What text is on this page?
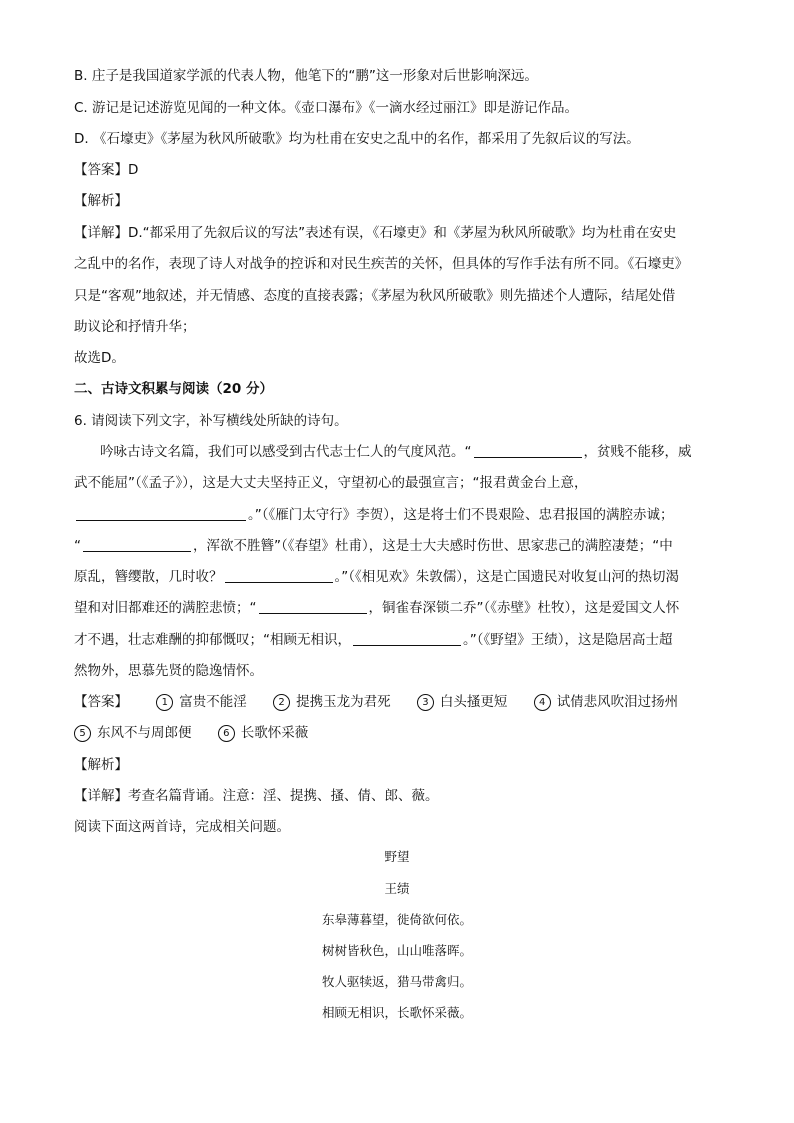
B. 庄子是我国道家学派的代表人物，他笔下的“鹏”这一形象对后世影响深远。
C. 游记是记述游览见闻的一种文体。《壶口瀑布》《一滴水经过丽江》即是游记作品。
D. 《石壕吏》《茅屋为秋风所破歌》均为杜甫在安史之乱中的名作，都采用了先叙后议的写法。
【答案】D
【解析】
【详解】D.“都采用了先叙后议的写法”表述有误，《石壕吏》和《茅屋为秋风所破歌》均为杜甫在安史
之乱中的名作，表现了诗人对战争的控诉和对民生疾苦的关怀，但具体的写作手法有所不同。《石壕吏》
只是“客观”地叙述，并无情感、态度的直接表露；《茅屋为秋风所破歌》则先描述个人遭际，结尾处借
助议论和抒情升华；
故选D。
二、古诗文积累与阅读（20 分）
6. 请阅读下列文字，补写横线处所缺的诗句。
吟咏古诗文名篇，我们可以感受到古代志士仁人的气度风范。“	，贫贱不能移，威
武不能屈”（《孟子》），这是大丈夫坚持正义，守望初心的最强宣言；“报君黄金台上意，
。”（《雁门太守行》李贺），这是将士们不畏艰险、忠君报国的满腔赤诚；
“	，浑欲不胜簪”（《春望》杜甫），这是士大夫感时伤世、思家悲己的满腔凄楚；“中
原乱，簪缨散，几时收？	。”（《相见欢》朱敦儒），这是亡国遗民对收复山河的热切渴
望和对旧都难还的满腔悲愤；“	，铜雀春深锁二乔”（《赤壁》杜牧），这是爱国文人怀
才不遇，壮志难酬的抑郁慨叹；“相顾无相识，	。”（《野望》王绩），这是隐居高士超
然物外，思慕先贤的隐逸情怀。
【答案】	1 富贵不能淫	2 提携玉龙为君死	3 白头搔更短	4 试倩悲风吹泪过扬州
5 东风不与周郎便	6 长歌怀采薇
【解析】
【详解】考查名篇背诵。注意：淫、提携、搔、倩、郎、薇。
阅读下面这两首诗，完成相关问题。
野望
王绩
东皋薄暮望，徙倚欲何依。
树树皆秋色，山山唯落晖。
牧人驱犊返，猎马带禽归。
相顾无相识，长歌怀采薇。
